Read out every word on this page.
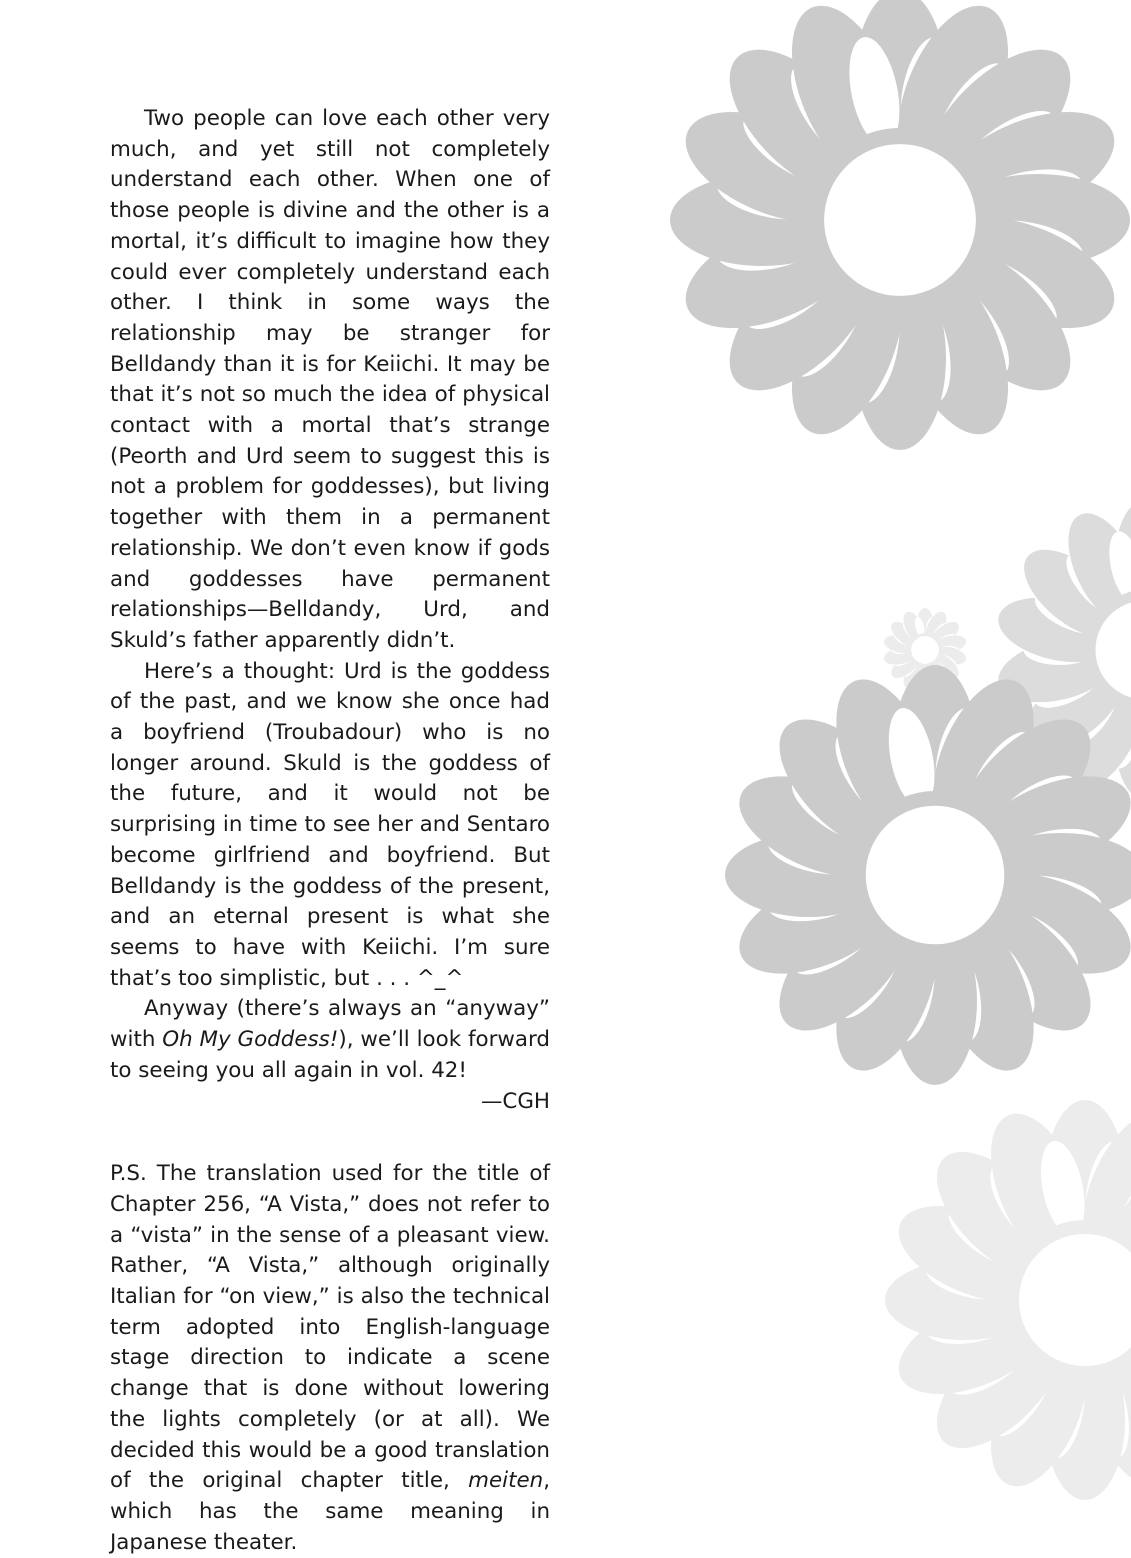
Two people can love each other very much, and yet still not completely understand each other. When one of those people is divine and the other is a mortal, it’s difficult to imagine how they could ever completely understand each other. I think in some ways the relationship may be stranger for Belldandy than it is for Keiichi. It may be that it’s not so much the idea of physical contact with a mortal that’s strange (Peorth and Urd seem to suggest this is not a problem for goddesses), but living together with them in a permanent relationship. We don’t even know if gods and goddesses have permanent relationships—Belldandy, Urd, and Skuld’s father apparently didn’t.

Here’s a thought: Urd is the goddess of the past, and we know she once had a boyfriend (Troubadour) who is no longer around. Skuld is the goddess of the future, and it would not be surprising in time to see her and Sentaro become girlfriend and boyfriend. But Belldandy is the goddess of the present, and an eternal present is what she seems to have with Keiichi. I’m sure that’s too simplistic, but . . . ^_^

Anyway (there’s always an “anyway” with Oh My Goddess!), we’ll look forward to seeing you all again in vol. 42!

—CGH

P.S. The translation used for the title of Chapter 256, “A Vista,” does not refer to a “vista” in the sense of a pleasant view. Rather, “A Vista,” although originally Italian for “on view,” is also the technical term adopted into English-language stage direction to indicate a scene change that is done without lowering the lights completely (or at all). We decided this would be a good translation of the original chapter title, meiten, which has the same meaning in Japanese theater.
